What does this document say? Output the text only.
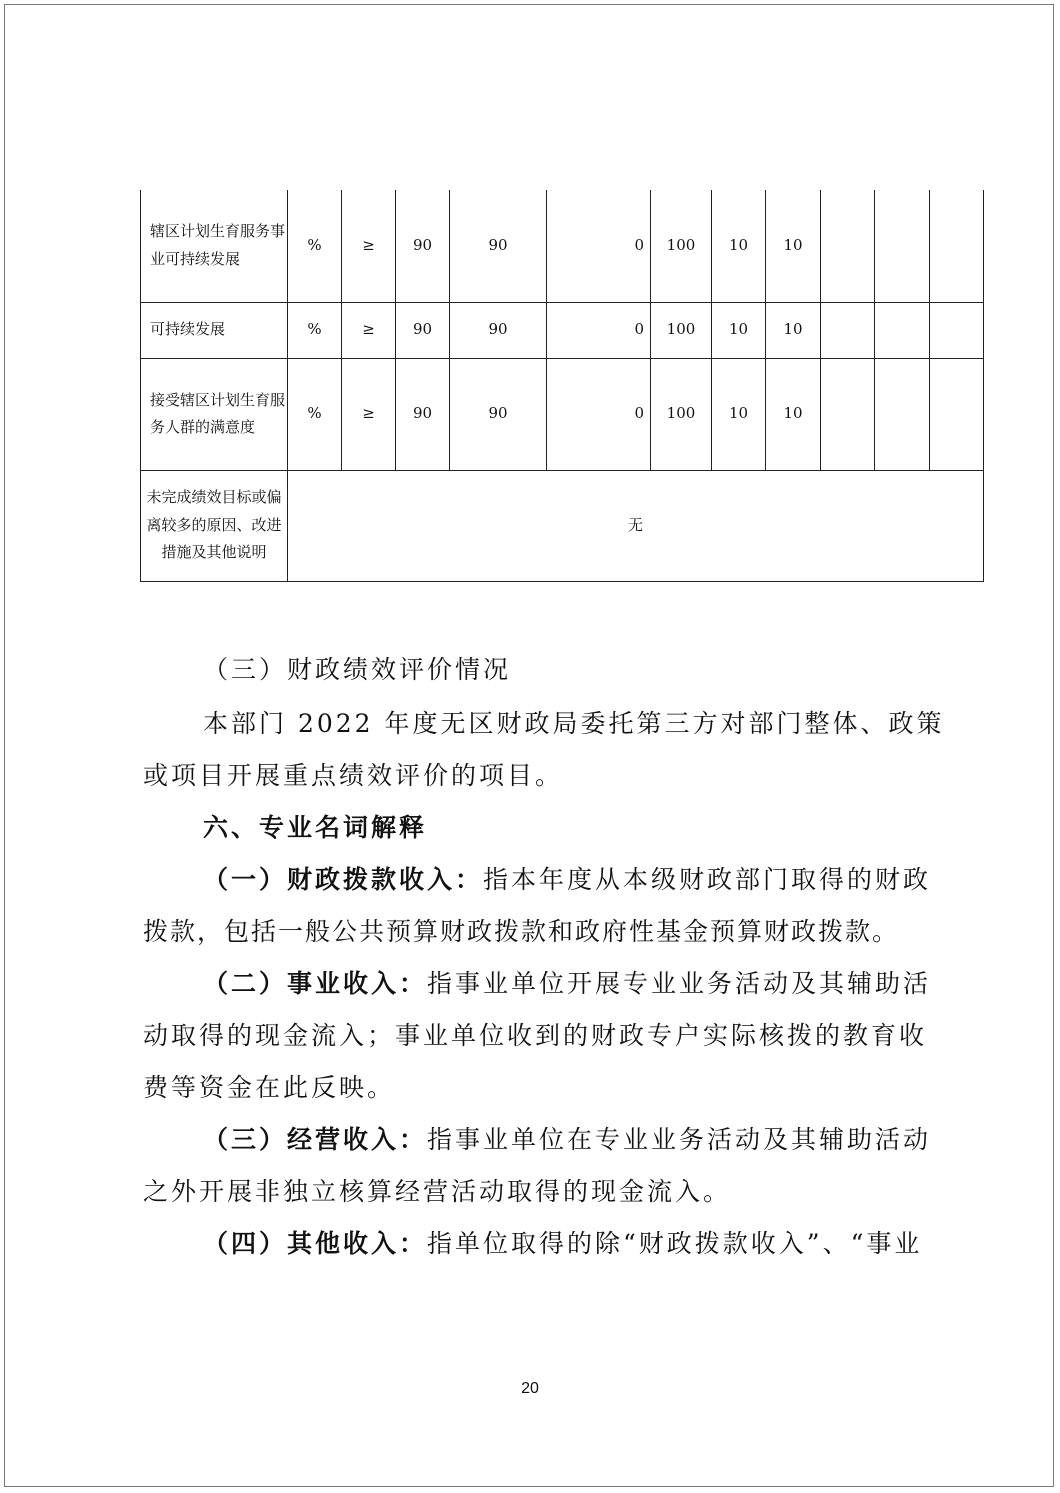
辖区计划生育服务事业可持续发展	%	≥	90	90	0	100	10	10			
可持续发展	%	≥	90	90	0	100	10	10			
接受辖区计划生育服务人群的满意度	%	≥	90	90	0	100	10	10			
未完成绩效目标或偏离较多的原因、改进措施及其他说明	无										
（三）财政绩效评价情况
本部门 2022 年度无区财政局委托第三方对部门整体、政策
或项目开展重点绩效评价的项目。
六、专业名词解释
（一）财政拨款收入：指本年度从本级财政部门取得的财政
拨款，包括一般公共预算财政拨款和政府性基金预算财政拨款。
（二）事业收入：指事业单位开展专业业务活动及其辅助活
动取得的现金流入；事业单位收到的财政专户实际核拨的教育收
费等资金在此反映。
（三）经营收入：指事业单位在专业业务活动及其辅助活动
之外开展非独立核算经营活动取得的现金流入。
（四）其他收入：指单位取得的除“财政拨款收入”、“事业
20
